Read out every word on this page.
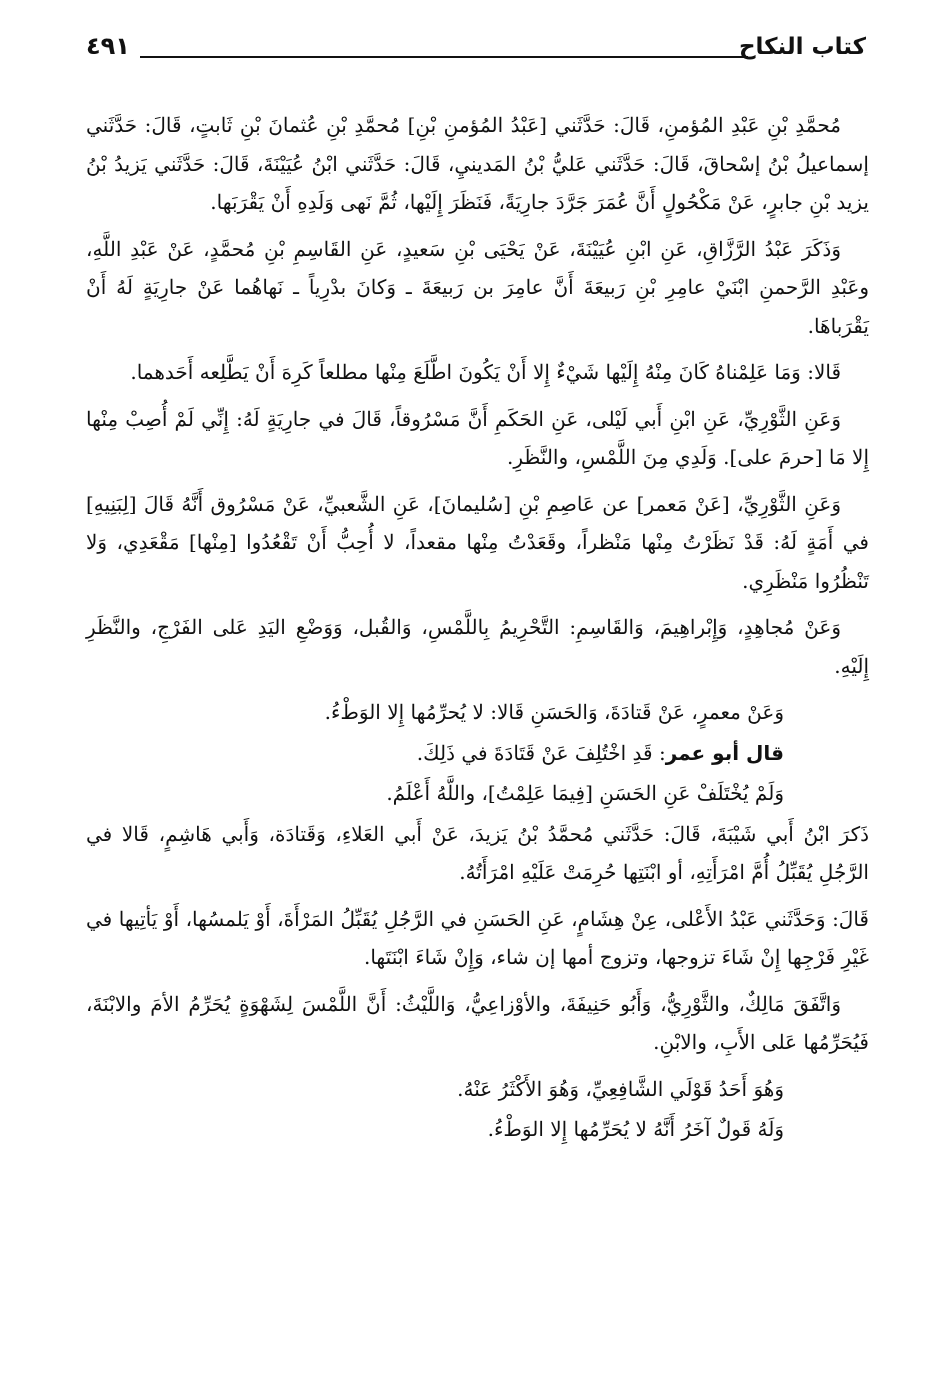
كتاب النكاح
٤٩١

مُحمَّدِ بْنِ عَبْدِ المُؤمنِ، قَالَ: حَدَّثَني [عَبْدُ المُؤمنِ بْنِ] مُحمَّدِ بْنِ عُثمانَ بْنِ ثَابتٍ، قَالَ: حَدَّثَني إسماعيلُ بْنُ إسْحاقَ، قَالَ: حَدَّثَني عَليُّ بْنُ المَدينيِ، قَالَ: حَدَّثَني ابْنُ عُيَيْنَةَ، قَالَ: حَدَّثَني يَزيدُ بْنُ يزيد بْنِ جابرٍ، عَنْ مَكْحُولٍ أَنَّ عُمَرَ جَرَّدَ جارِيَةً، فَنَظَرَ إِلَيْها، ثُمَّ نَهى وَلَدِهِ أَنْ يَقْرَبَها.

وَذَكَرَ عَبْدُ الرَّزَّاقِ، عَنِ ابْنِ عُيَيْنَةَ، عَنْ يَحْيَى بْنِ سَعيدٍ، عَنِ القَاسِمِ بْنِ مُحمَّدٍ، عَنْ عَبْدِ اللَّهِ، وعَبْدِ الرَّحمنِ ابْنَيْ عامِرِ بْنِ رَبيعَةَ أَنَّ عامِرَ بن رَبيعَةَ ـ وَكانَ بدْرِياً ـ نَهاهُما عَنْ جارِيَةٍ لَهُ أَنْ يَقْرَباهَا.

قَالا: وَمَا عَلِمْناهُ كَانَ مِنْهُ إِلَيْها شَيْءٌ إِلا أَنْ يَكُونَ اطَّلَعَ مِنْها مطلعاً كَرِهَ أَنْ يَطَّلِعه أَحَدهما.

وَعَنِ الثَّوْرِيِّ، عَنِ ابْنِ أَبي لَيْلى، عَنِ الحَكَمِ أَنَّ مَسْرُوقاً، قَالَ في جارِيَةٍ لَهُ: إِنِّي لَمْ أُصِبْ مِنْها إِلا مَا [حرمَ على]. وَلَدِي مِنَ اللَّمْسِ، والنَّظَرِ.

وَعَنِ الثَّوْرِيِّ، [عَنْ مَعمر] عن عَاصِمِ بْنِ [سُليمانَ]، عَنِ الشَّعبيِّ، عَنْ مَسْرُوق أَنَّهُ قَالَ [لِبَنِيهِ] في أَمَةٍ لَهُ: قَدْ نَظَرْتُ مِنْها مَنْظراً، وقَعَدْتُ مِنْها مقعداً، لا أُحِبُّ أَنْ تَقْعُدُوا [مِنْها] مَقْعَدِي، وَلا تَنْظُرُوا مَنْظَرِي.

وَعَنْ مُجاهِدٍ، وَإِبْراهِيمَ، وَالقَاسِمِ: التَّحْرِيمُ بِاللَّمْسِ، وَالقُبل، وَوَضْعِ اليَدِ عَلى الفَرْجِ، والنَّظَرِ إِلَيْهِ.

وَعَنْ معمرٍ، عَنْ قَتادَةَ، وَالحَسَنِ قَالا: لا يُحرِّمُها إِلا الوَطْءُ.

قال أبو عمر: قَدِ اخْتُلِفَ عَنْ قَتَادَةَ في ذَلِكَ.

وَلَمْ يُخْتَلَفْ عَنِ الحَسَنِ [فِيمَا عَلِمْتُ]، واللَّهُ أَعْلَمُ.

ذَكرَ ابْنُ أَبي شَيْبَةَ، قَالَ: حَدَّثَني مُحمَّدُ بْنُ يَزيدَ، عَنْ أَبي العَلاءِ، وَقَتادَة، وَأَبي هَاشِمٍ، قَالا في الرَّجُلِ يُقَبِّلُ أُمَّ امْرَأَتِهِ، أو ابْنَتِها حُرِمَتْ عَلَيْهِ امْرَأَتُهُ.

قَالَ: وَحَدَّثَني عَبْدُ الأَعْلى، عِنْ هِشَامٍ، عَنِ الحَسَنِ في الرَّجُلِ يُقَبِّلُ المَرْأَةَ، أَوْ يَلمسُها، أَوْ يَأتِيها في غَيْرِ فَرْجِها إِنْ شَاءَ تزوجها، وتزوج أمها إن شاء، وَإِنْ شَاءَ ابْنَتَها.

وَاتَّفَقَ مَالِكٌ، والثَّوْرِيُّ، وَأَبُو حَنِيفَةَ، والأوْزاعِيُّ، وَاللَّيْثُ: أَنَّ اللَّمْسَ لِشَهْوَةٍ يُحَرِّمُ الأمَ والابْنَةَ، فَيُحَرِّمُها عَلى الأَبِ، والابْنِ.

وَهُوَ أَحَدُ قَوْلَي الشَّافِعِيِّ، وَهُوَ الأَكْثَرُ عَنْهُ.

وَلَهُ قَولٌ آخَرُ أَنَّهُ لا يُحَرِّمُها إِلا الوَطْءُ.
